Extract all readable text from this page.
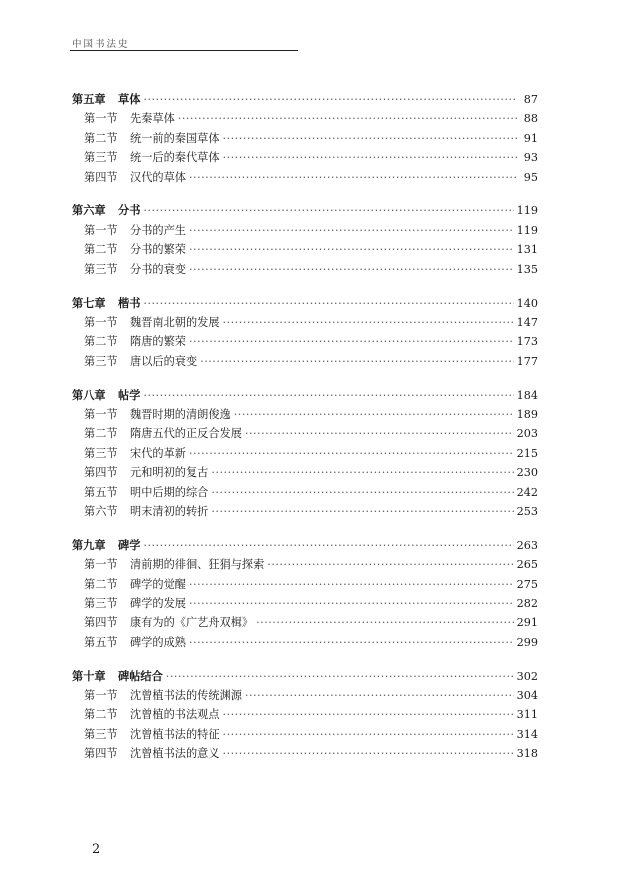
中国书法史
第五章	草体 ·····	87
第一节	先秦草体 ·····	88
第二节	统一前的秦国草体 ·····	91
第三节	统一后的秦代草体 ·····	93
第四节	汉代的草体 ·····	95
第六章	分书 ·····	119
第一节	分书的产生 ·····	119
第二节	分书的繁荣 ·····	131
第三节	分书的衰变 ·····	135
第七章	楷书 ·····	140
第一节	魏晋南北朝的发展 ·····	147
第二节	隋唐的繁荣 ·····	173
第三节	唐以后的衰变 ·····	177
第八章	帖学 ·····	184
第一节	魏晋时期的清朗俊逸 ·····	189
第二节	隋唐五代的正反合发展 ·····	203
第三节	宋代的革新 ·····	215
第四节	元和明初的复古 ·····	230
第五节	明中后期的综合 ·····	242
第六节	明末清初的转折 ·····	253
第九章	碑学 ·····	263
第一节	清前期的徘徊、狂狷与探索 ·····	265
第二节	碑学的觉醒 ·····	275
第三节	碑学的发展 ·····	282
第四节	康有为的《广艺舟双楫》 ·····	291
第五节	碑学的成熟 ·····	299
第十章	碑帖结合 ·····	302
第一节	沈曾植书法的传统渊源 ·····	304
第二节	沈曾植的书法观点 ·····	311
第三节	沈曾植书法的特征 ·····	314
第四节	沈曾植书法的意义 ·····	318
2
